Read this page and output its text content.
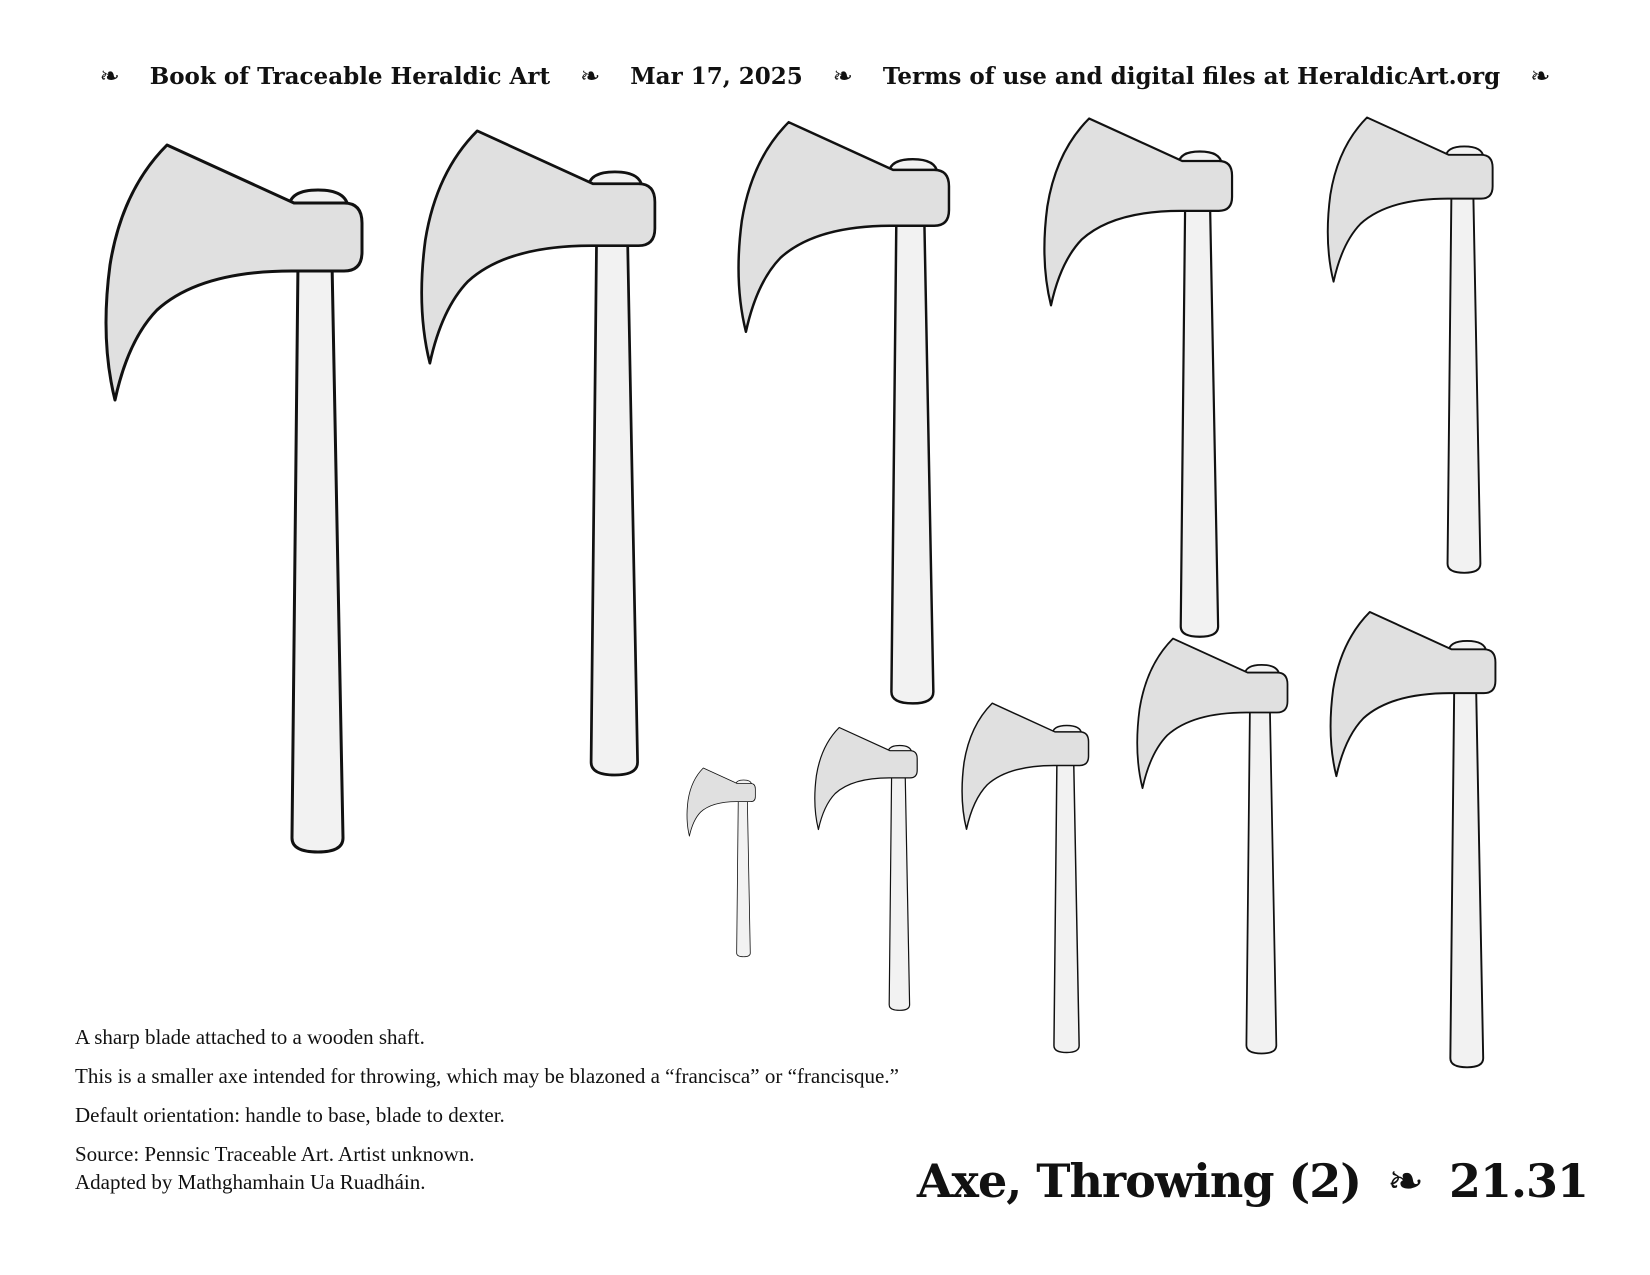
❧ Book of Traceable Heraldic Art ❧ Mar 17, 2025 ❧ Terms of use and digital files at HeraldicArt.org ❧

A sharp blade attached to a wooden shaft.

This is a smaller axe intended for throwing, which may be blazoned a “francisca” or “francisque.”

Default orientation: handle to base, blade to dexter.

Source: Pennsic Traceable Art. Artist unknown.
Adapted by Mathghamhain Ua Ruadháin.	Axe, Throwing (2) ❧ 21.31
